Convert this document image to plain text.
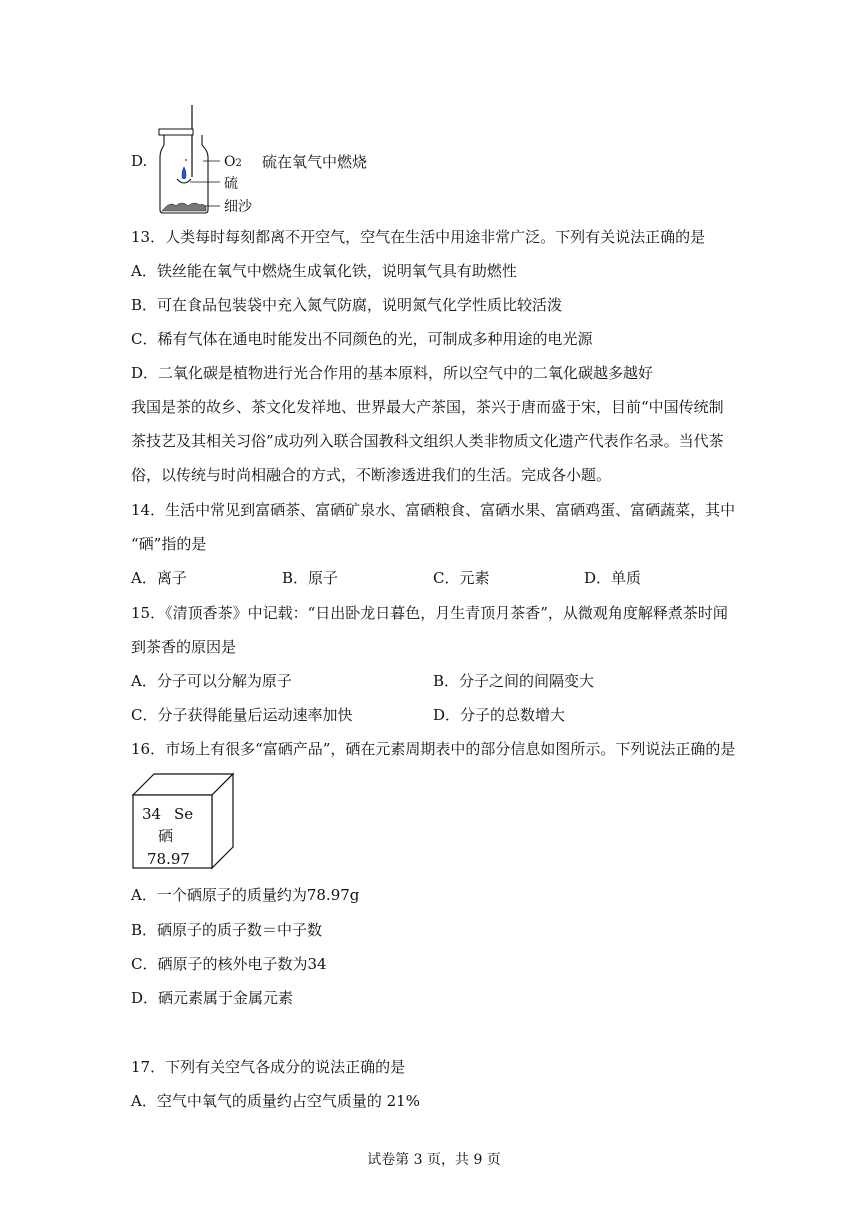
D.	O2
硫
细沙
硫在氧气中燃烧
13．人类每时每刻都离不开空气，空气在生活中用途非常广泛。下列有关说法正确的是
A．铁丝能在氧气中燃烧生成氧化铁，说明氧气具有助燃性
B．可在食品包装袋中充入氮气防腐，说明氮气化学性质比较活泼
C．稀有气体在通电时能发出不同颜色的光，可制成多种用途的电光源
D．二氧化碳是植物进行光合作用的基本原料，所以空气中的二氧化碳越多越好
我国是茶的故乡、茶文化发祥地、世界最大产茶国，茶兴于唐而盛于宋，目前“中国传统制
茶技艺及其相关习俗”成功列入联合国教科文组织人类非物质文化遗产代表作名录。当代茶
俗，以传统与时尚相融合的方式，不断渗透进我们的生活。完成各小题。
14．生活中常见到富硒茶、富硒矿泉水、富硒粮食、富硒水果、富硒鸡蛋、富硒蔬菜，其中
“硒”指的是
A．离子	B．原子	C．元素	D．单质
15．《清顶香茶》中记载：“日出卧龙日暮色，月生青顶月茶香”，从微观角度解释煮茶时闻
到茶香的原因是
A．分子可以分解为原子	B．分子之间的间隔变大
C．分子获得能量后运动速率加快	D．分子的总数增大
16．市场上有很多“富硒产品”，硒在元素周期表中的部分信息如图所示。下列说法正确的是
34 Se
硒
78.97
A．一个硒原子的质量约为78.97g
B．硒原子的质子数＝中子数
C．硒原子的核外电子数为34
D．硒元素属于金属元素
17．下列有关空气各成分的说法正确的是
A．空气中氧气的质量约占空气质量的 21%
试卷第 3 页，共 9 页
